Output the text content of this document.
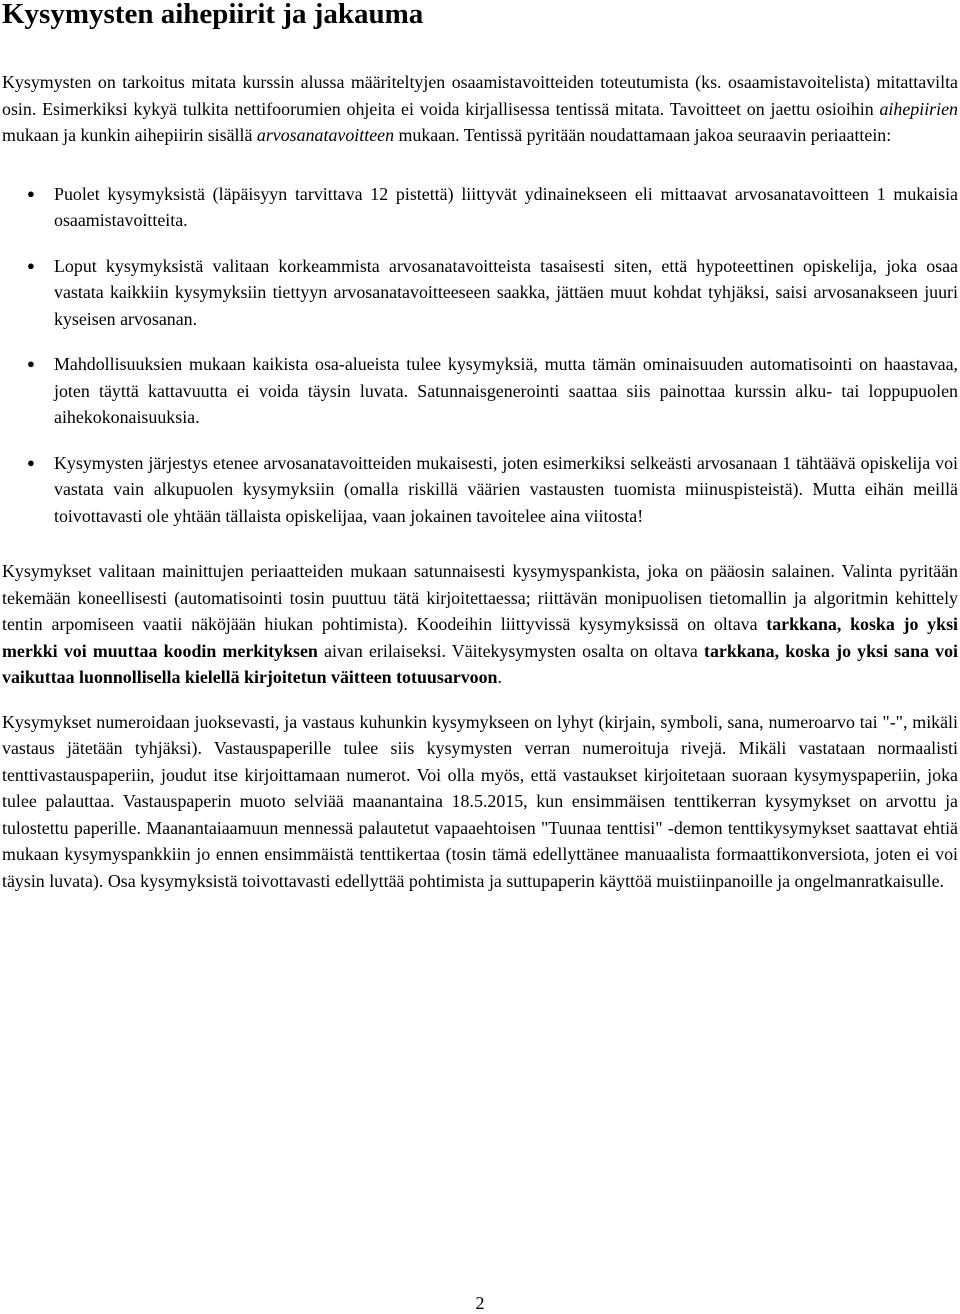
Kysymysten aihepiirit ja jakauma

Kysymysten on tarkoitus mitata kurssin alussa määriteltyjen osaamistavoitteiden toteutumista (ks. osaamistavoitelista) mitattavilta osin. Esimerkiksi kykyä tulkita nettifoorumien ohjeita ei voida kirjallisessa tentissä mitata. Tavoitteet on jaettu osioihin aihepiirien mukaan ja kunkin aihepiirin sisällä arvosanatavoitteen mukaan. Tentissä pyritään noudattamaan jakoa seuraavin periaattein:

● Puolet kysymyksistä (läpäisyyn tarvittava 12 pistettä) liittyvät ydinainekseen eli mittaavat arvosanatavoitteen 1 mukaisia osaamistavoitteita.
● Loput kysymyksistä valitaan korkeammista arvosanatavoitteista tasaisesti siten, että hypoteettinen opiskelija, joka osaa vastata kaikkiin kysymyksiin tiettyyn arvosanatavoitteeseen saakka, jättäen muut kohdat tyhjäksi, saisi arvosanakseen juuri kyseisen arvosanan.
● Mahdollisuuksien mukaan kaikista osa-alueista tulee kysymyksiä, mutta tämän ominaisuuden automatisointi on haastavaa, joten täyttä kattavuutta ei voida täysin luvata. Satunnaisgenerointi saattaa siis painottaa kurssin alku- tai loppupuolen aihekokonaisuuksia.
● Kysymysten järjestys etenee arvosanatavoitteiden mukaisesti, joten esimerkiksi selkeästi arvosanaan 1 tähtäävä opiskelija voi vastata vain alkupuolen kysymyksiin (omalla riskillä väärien vastausten tuomista miinuspisteistä). Mutta eihän meillä toivottavasti ole yhtään tällaista opiskelijaa, vaan jokainen tavoitelee aina viitosta!

Kysymykset valitaan mainittujen periaatteiden mukaan satunnaisesti kysymyspankista, joka on pääosin salainen. Valinta pyritään tekemään koneellisesti (automatisointi tosin puuttuu tätä kirjoitettaessa; riittävän monipuolisen tietomallin ja algoritmin kehittely tentin arpomiseen vaatii näköjään hiukan pohtimista). Koodeihin liittyvissä kysymyksissä on oltava tarkkana, koska jo yksi merkki voi muuttaa koodin merkityksen aivan erilaiseksi. Väitekysymysten osalta on oltava tarkkana, koska jo yksi sana voi vaikuttaa luonnollisella kielellä kirjoitetun väitteen totuusarvoon.

Kysymykset numeroidaan juoksevasti, ja vastaus kuhunkin kysymykseen on lyhyt (kirjain, symboli, sana, numeroarvo tai "-", mikäli vastaus jätetään tyhjäksi). Vastauspaperille tulee siis kysymysten verran numeroituja rivejä. Mikäli vastataan normaalisti tenttivastauspaperiin, joudut itse kirjoittamaan numerot. Voi olla myös, että vastaukset kirjoitetaan suoraan kysymyspaperiin, joka tulee palauttaa. Vastauspaperin muoto selviää maanantaina 18.5.2015, kun ensimmäisen tenttikerran kysymykset on arvottu ja tulostettu paperille. Maanantaiaamuun mennessä palautetut vapaaehtoisen "Tuunaa tenttisi" -demon tenttikysymykset saattavat ehtiä mukaan kysymyspankkiin jo ennen ensimmäistä tenttikertaa (tosin tämä edellyttänee manuaalista formaattikonversiota, joten ei voi täysin luvata). Osa kysymyksistä toivottavasti edellyttää pohtimista ja suttupaperin käyttöä muistiinpanoille ja ongelmanratkaisulle.

2
